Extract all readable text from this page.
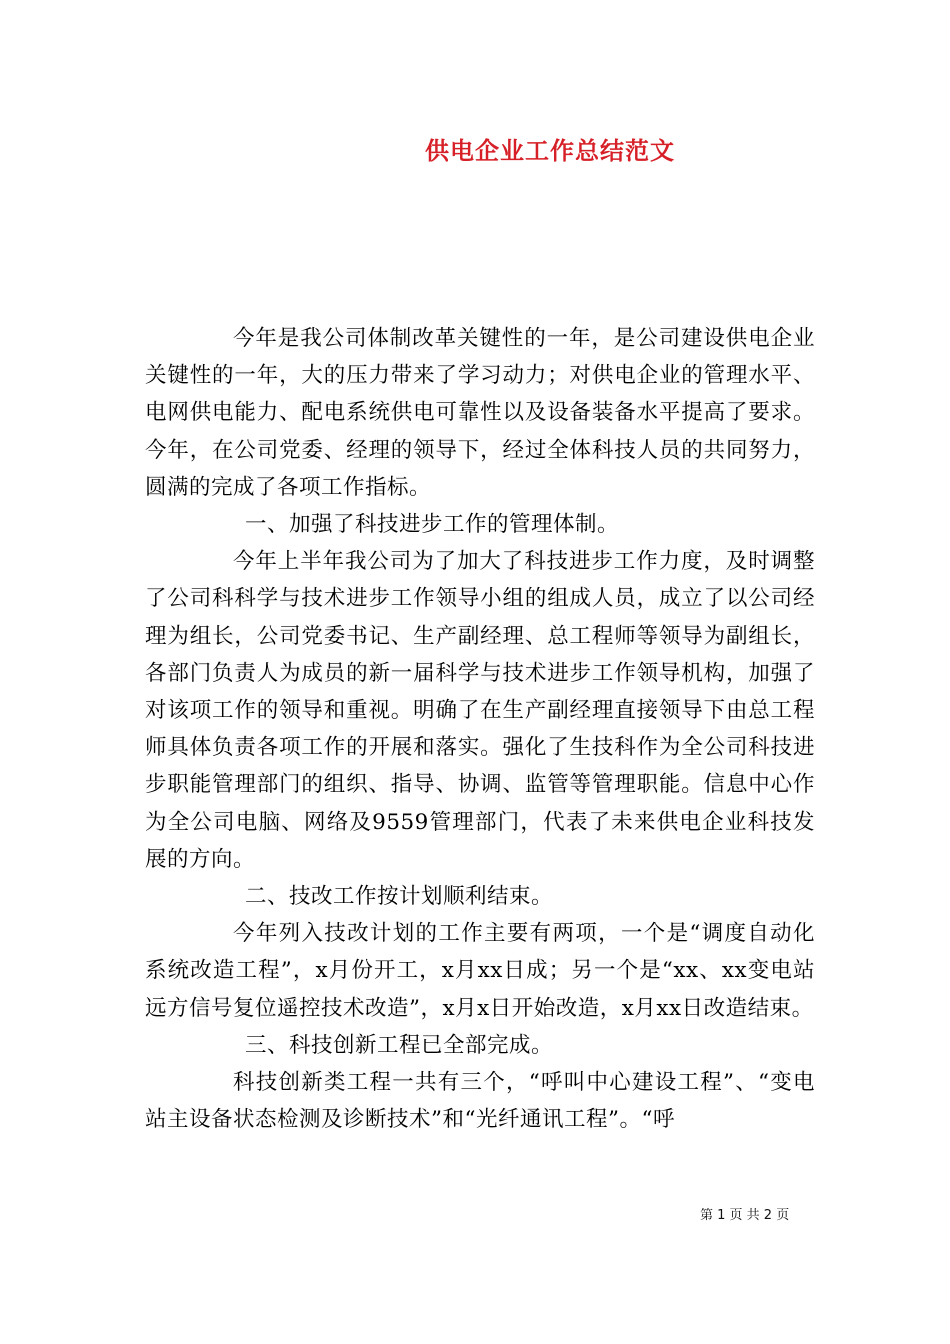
供电企业工作总结范文

今年是我公司体制改革关键性的一年，是公司建设供电企业关键性的一年，大的压力带来了学习动力；对供电企业的管理水平、电网供电能力、配电系统供电可靠性以及设备装备水平提高了要求。今年，在公司党委、经理的领导下，经过全体科技人员的共同努力，圆满的完成了各项工作指标。

一、加强了科技进步工作的管理体制。

今年上半年我公司为了加大了科技进步工作力度，及时调整了公司科科学与技术进步工作领导小组的组成人员，成立了以公司经理为组长，公司党委书记、生产副经理、总工程师等领导为副组长，各部门负责人为成员的新一届科学与技术进步工作领导机构，加强了对该项工作的领导和重视。明确了在生产副经理直接领导下由总工程师具体负责各项工作的开展和落实。强化了生技科作为全公司科技进步职能管理部门的组织、指导、协调、监管等管理职能。信息中心作为全公司电脑、网络及9559管理部门，代表了未来供电企业科技发展的方向。

二、技改工作按计划顺利结束。

今年列入技改计划的工作主要有两项，一个是“调度自动化系统改造工程”，x月份开工，x月xx日成；另一个是“xx、xx变电站远方信号复位遥控技术改造”，x月x日开始改造，x月xx日改造结束。

三、科技创新工程已全部完成。

科技创新类工程一共有三个，“呼叫中心建设工程”、“变电站主设备状态检测及诊断技术”和“光纤通讯工程”。“呼

第 1 页 共 2 页
